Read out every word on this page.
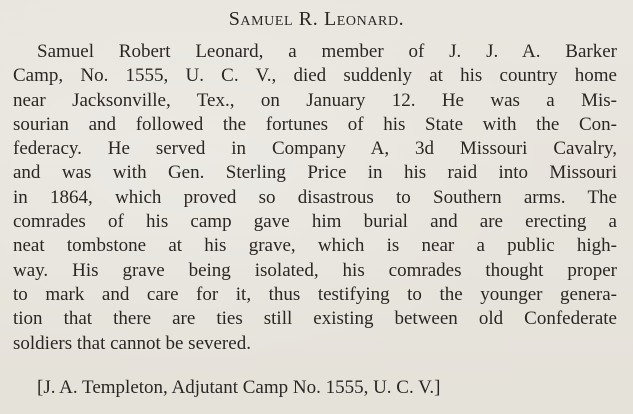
Samuel R. Leonard.
Samuel Robert Leonard, a member of J. J. A. Barker
Camp, No. 1555, U. C. V., died suddenly at his country home
near Jacksonville, Tex., on January 12. He was a Mis-
sourian and followed the fortunes of his State with the Con-
federacy. He served in Company A, 3d Missouri Cavalry,
and was with Gen. Sterling Price in his raid into Missouri
in 1864, which proved so disastrous to Southern arms. The
comrades of his camp gave him burial and are erecting a
neat tombstone at his grave, which is near a public high-
way. His grave being isolated, his comrades thought proper
to mark and care for it, thus testifying to the younger genera-
tion that there are ties still existing between old Confederate
soldiers that cannot be severed.
[J. A. Templeton, Adjutant Camp No. 1555, U. C. V.]
